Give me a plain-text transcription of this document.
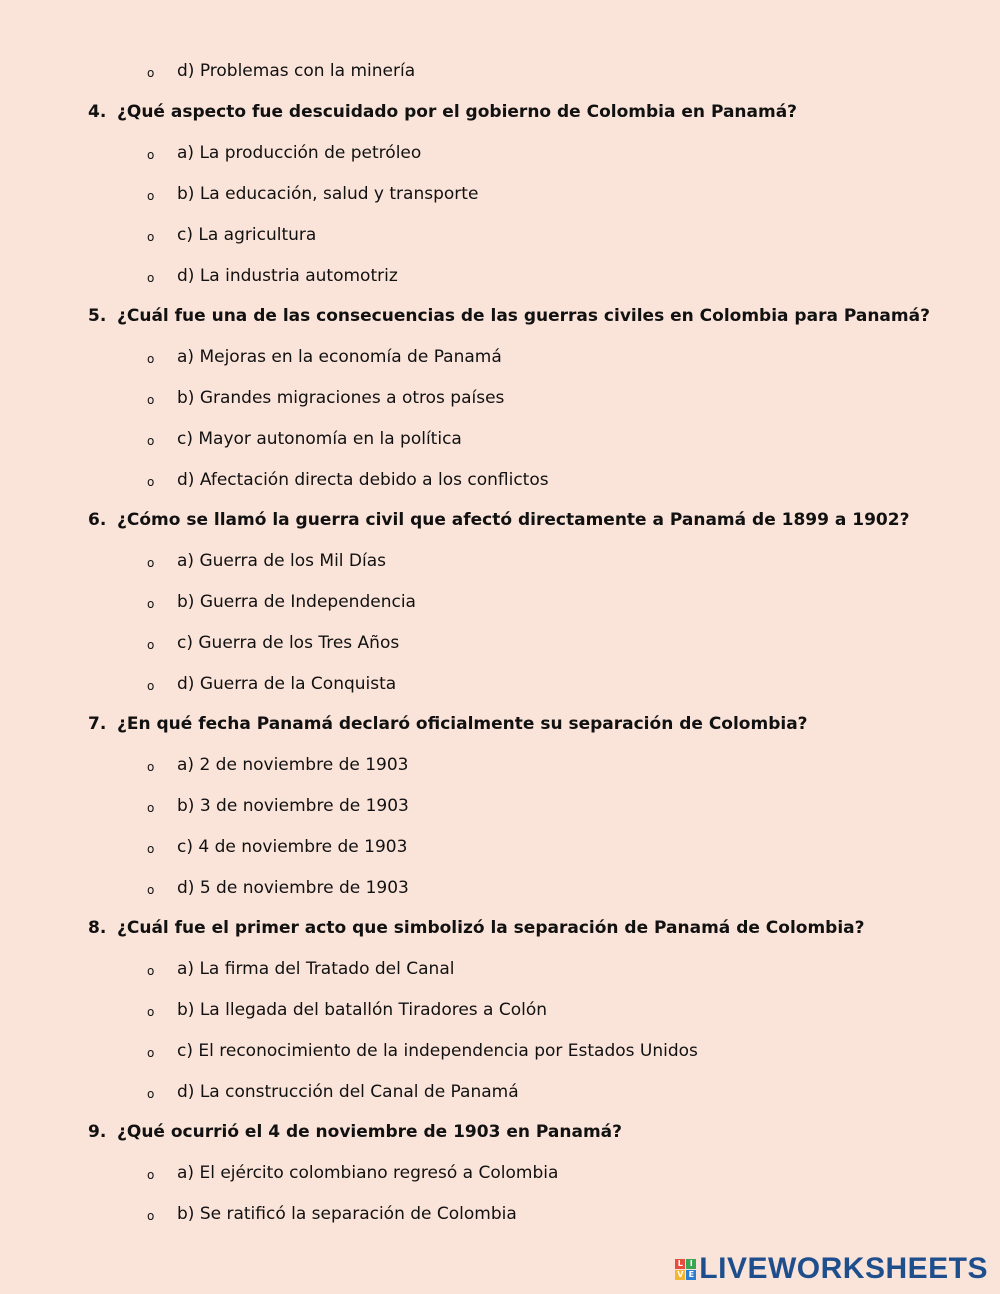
o d) Problemas con la minería
4. ¿Qué aspecto fue descuidado por el gobierno de Colombia en Panamá?
o a) La producción de petróleo
o b) La educación, salud y transporte
o c) La agricultura
o d) La industria automotriz
5. ¿Cuál fue una de las consecuencias de las guerras civiles en Colombia para Panamá?
o a) Mejoras en la economía de Panamá
o b) Grandes migraciones a otros países
o c) Mayor autonomía en la política
o d) Afectación directa debido a los conflictos
6. ¿Cómo se llamó la guerra civil que afectó directamente a Panamá de 1899 a 1902?
o a) Guerra de los Mil Días
o b) Guerra de Independencia
o c) Guerra de los Tres Años
o d) Guerra de la Conquista
7. ¿En qué fecha Panamá declaró oficialmente su separación de Colombia?
o a) 2 de noviembre de 1903
o b) 3 de noviembre de 1903
o c) 4 de noviembre de 1903
o d) 5 de noviembre de 1903
8. ¿Cuál fue el primer acto que simbolizó la separación de Panamá de Colombia?
o a) La firma del Tratado del Canal
o b) La llegada del batallón Tiradores a Colón
o c) El reconocimiento de la independencia por Estados Unidos
o d) La construcción del Canal de Panamá
9. ¿Qué ocurrió el 4 de noviembre de 1903 en Panamá?
o a) El ejército colombiano regresó a Colombia
o b) Se ratificó la separación de Colombia
L I
V E LIVEWORKSHEETS
